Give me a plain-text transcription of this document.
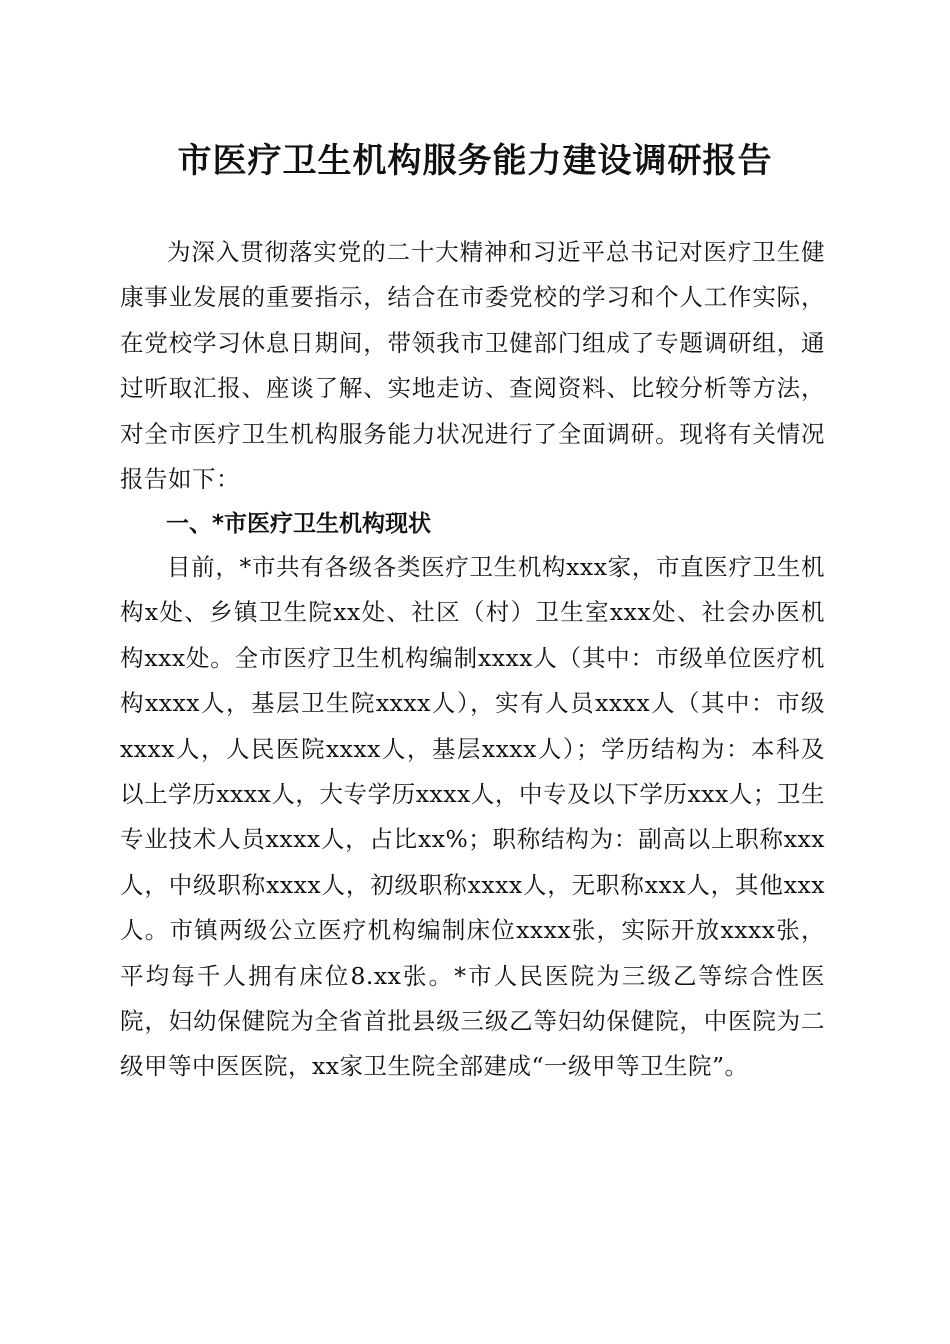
市医疗卫生机构服务能力建设调研报告

为深入贯彻落实党的二十大精神和习近平总书记对医疗卫生健康事业发展的重要指示，结合在市委党校的学习和个人工作实际，在党校学习休息日期间，带领我市卫健部门组成了专题调研组，通过听取汇报、座谈了解、实地走访、查阅资料、比较分析等方法，对全市医疗卫生机构服务能力状况进行了全面调研。现将有关情况报告如下：

一、*市医疗卫生机构现状

目前，*市共有各级各类医疗卫生机构xxx家，市直医疗卫生机构x处、乡镇卫生院xx处、社区（村）卫生室xxx处、社会办医机构xxx处。全市医疗卫生机构编制xxxx人（其中：市级单位医疗机构xxxx人，基层卫生院xxxx人），实有人员xxxx人（其中：市级xxxx人，人民医院xxxx人，基层xxxx人）；学历结构为：本科及以上学历xxxx人，大专学历xxxx人，中专及以下学历xxx人；卫生专业技术人员xxxx人，占比xx%；职称结构为：副高以上职称xxx人，中级职称xxxx人，初级职称xxxx人，无职称xxx人，其他xxx人。市镇两级公立医疗机构编制床位xxxx张，实际开放xxxx张，平均每千人拥有床位8.xx张。*市人民医院为三级乙等综合性医院，妇幼保健院为全省首批县级三级乙等妇幼保健院，中医院为二级甲等中医医院，xx家卫生院全部建成“一级甲等卫生院”。
